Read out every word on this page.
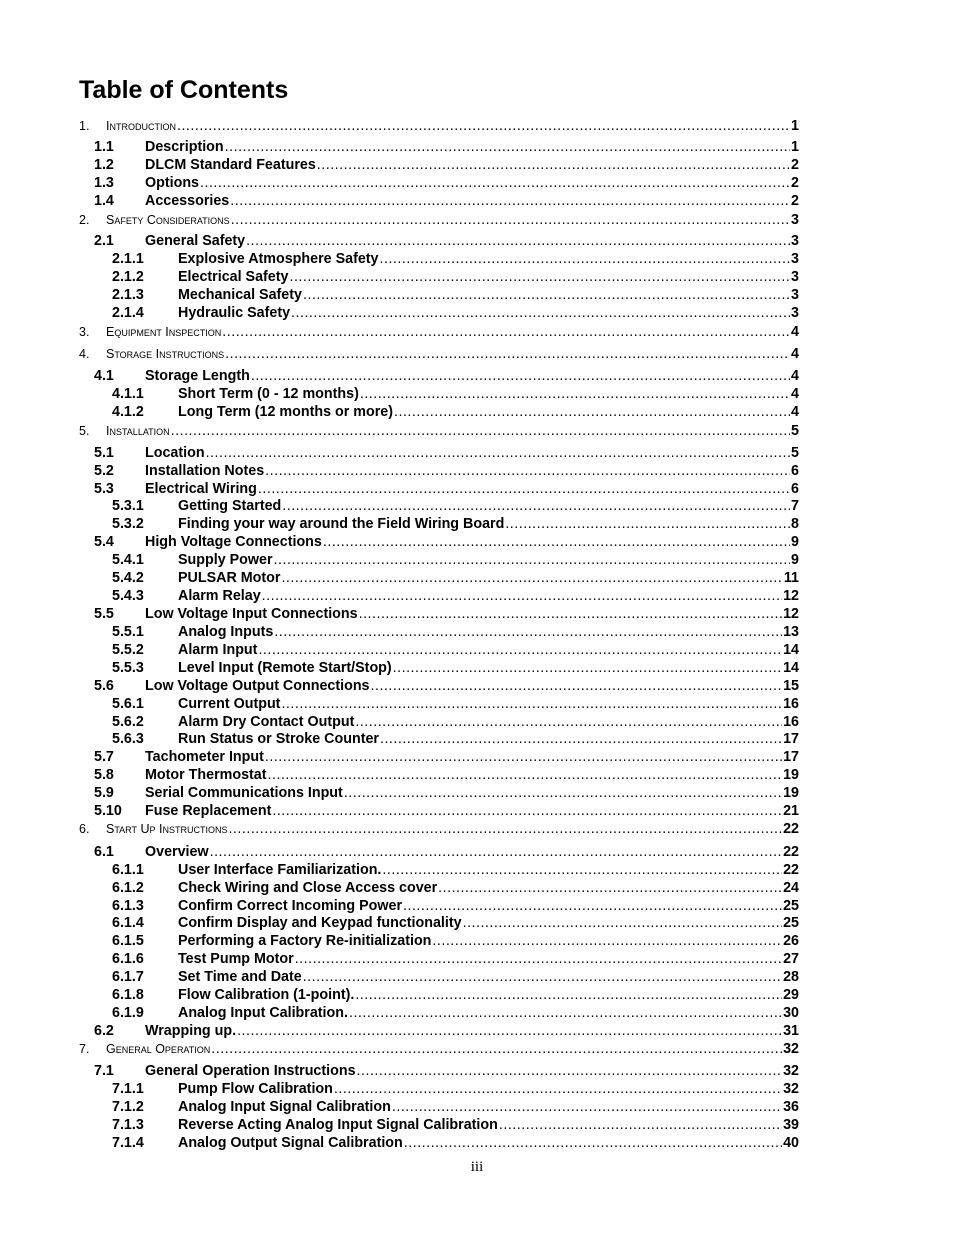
Table of Contents
1.	Introduction .....	1
1.1	Description .....	1
1.2	DLCM Standard Features .....	2
1.3	Options .....	2
1.4	Accessories .....	2
2.	Safety Considerations .....	3
2.1	General Safety .....	3
2.1.1	Explosive Atmosphere Safety .....	3
2.1.2	Electrical Safety .....	3
2.1.3	Mechanical Safety .....	3
2.1.4	Hydraulic Safety .....	3
3.	Equipment Inspection .....	4
4.	Storage Instructions .....	4
4.1	Storage Length .....	4
4.1.1	Short Term (0 - 12 months) .....	4
4.1.2	Long Term (12 months or more) .....	4
5.	Installation .....	5
5.1	Location .....	5
5.2	Installation Notes .....	6
5.3	Electrical Wiring .....	6
5.3.1	Getting Started .....	7
5.3.2	Finding your way around the Field Wiring Board .....	8
5.4	High Voltage Connections .....	9
5.4.1	Supply Power .....	9
5.4.2	PULSAR Motor .....	11
5.4.3	Alarm Relay .....	12
5.5	Low Voltage Input Connections .....	12
5.5.1	Analog Inputs .....	13
5.5.2	Alarm Input .....	14
5.5.3	Level Input (Remote Start/Stop) .....	14
5.6	Low Voltage Output Connections .....	15
5.6.1	Current Output .....	16
5.6.2	Alarm Dry Contact Output .....	16
5.6.3	Run Status or Stroke Counter .....	17
5.7	Tachometer Input .....	17
5.8	Motor Thermostat .....	19
5.9	Serial Communications Input .....	19
5.10	Fuse Replacement .....	21
6.	Start Up Instructions .....	22
6.1	Overview .....	22
6.1.1	User Interface Familiarization. .....	22
6.1.2	Check Wiring and Close Access cover .....	24
6.1.3	Confirm Correct Incoming Power .....	25
6.1.4	Confirm Display and Keypad functionality .....	25
6.1.5	Performing a Factory Re-initialization .....	26
6.1.6	Test Pump Motor .....	27
6.1.7	Set Time and Date .....	28
6.1.8	Flow Calibration (1-point). .....	29
6.1.9	Analog Input Calibration. .....	30
6.2	Wrapping up. .....	31
7.	General Operation .....	32
7.1	General Operation Instructions .....	32
7.1.1	Pump Flow Calibration .....	32
7.1.2	Analog Input Signal Calibration .....	36
7.1.3	Reverse Acting Analog Input Signal Calibration .....	39
7.1.4	Analog Output Signal Calibration .....	40
iii
